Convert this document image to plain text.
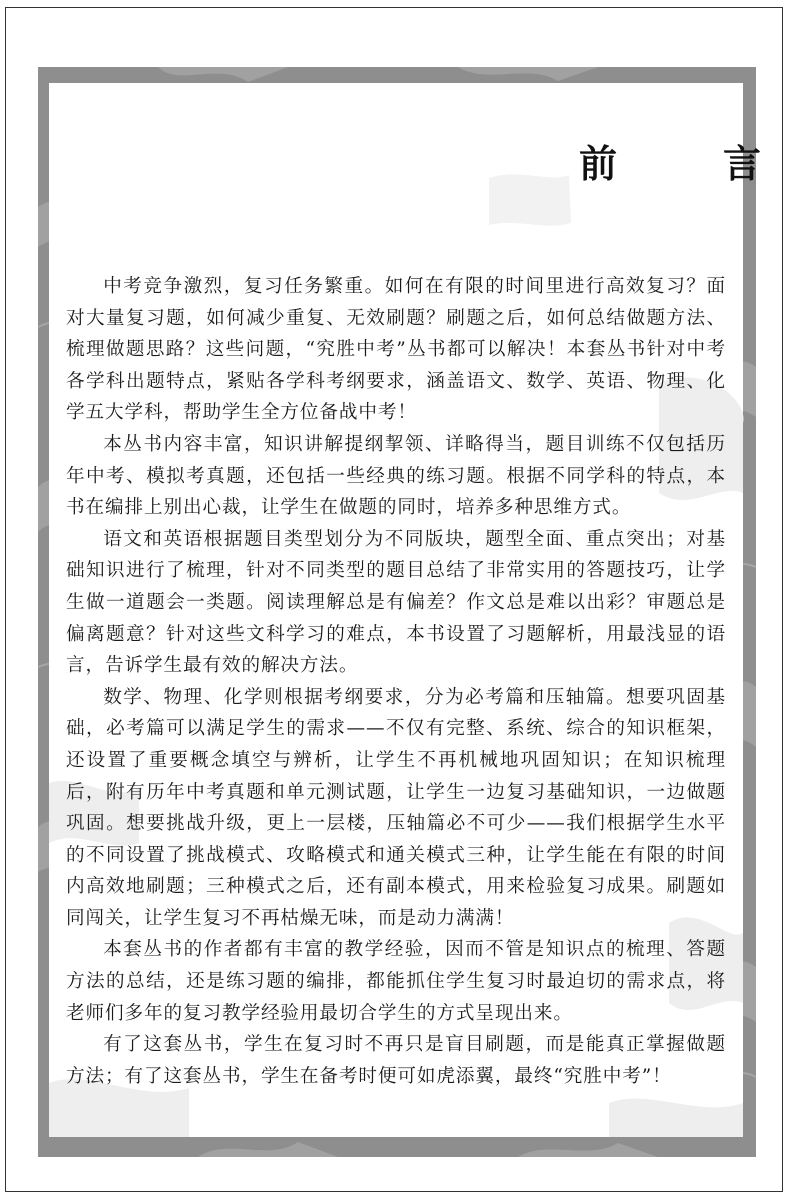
前　言

中考竞争激烈，复习任务繁重。如何在有限的时间里进行高效复习？面对大量复习题，如何减少重复、无效刷题？刷题之后，如何总结做题方法、梳理做题思路？这些问题，“究胜中考”丛书都可以解决！本套丛书针对中考各学科出题特点，紧贴各学科考纲要求，涵盖语文、数学、英语、物理、化学五大学科，帮助学生全方位备战中考！

本丛书内容丰富，知识讲解提纲挈领、详略得当，题目训练不仅包括历年中考、模拟考真题，还包括一些经典的练习题。根据不同学科的特点，本书在编排上别出心裁，让学生在做题的同时，培养多种思维方式。

语文和英语根据题目类型划分为不同版块，题型全面、重点突出；对基础知识进行了梳理，针对不同类型的题目总结了非常实用的答题技巧，让学生做一道题会一类题。阅读理解总是有偏差？作文总是难以出彩？审题总是偏离题意？针对这些文科学习的难点，本书设置了习题解析，用最浅显的语言，告诉学生最有效的解决方法。

数学、物理、化学则根据考纲要求，分为必考篇和压轴篇。想要巩固基础，必考篇可以满足学生的需求——不仅有完整、系统、综合的知识框架，还设置了重要概念填空与辨析，让学生不再机械地巩固知识；在知识梳理后，附有历年中考真题和单元测试题，让学生一边复习基础知识，一边做题巩固。想要挑战升级，更上一层楼，压轴篇必不可少——我们根据学生水平的不同设置了挑战模式、攻略模式和通关模式三种，让学生能在有限的时间内高效地刷题；三种模式之后，还有副本模式，用来检验复习成果。刷题如同闯关，让学生复习不再枯燥无味，而是动力满满！

本套丛书的作者都有丰富的教学经验，因而不管是知识点的梳理、答题方法的总结，还是练习题的编排，都能抓住学生复习时最迫切的需求点，将老师们多年的复习教学经验用最切合学生的方式呈现出来。

有了这套丛书，学生在复习时不再只是盲目刷题，而是能真正掌握做题方法；有了这套丛书，学生在备考时便可如虎添翼，最终“究胜中考”！
